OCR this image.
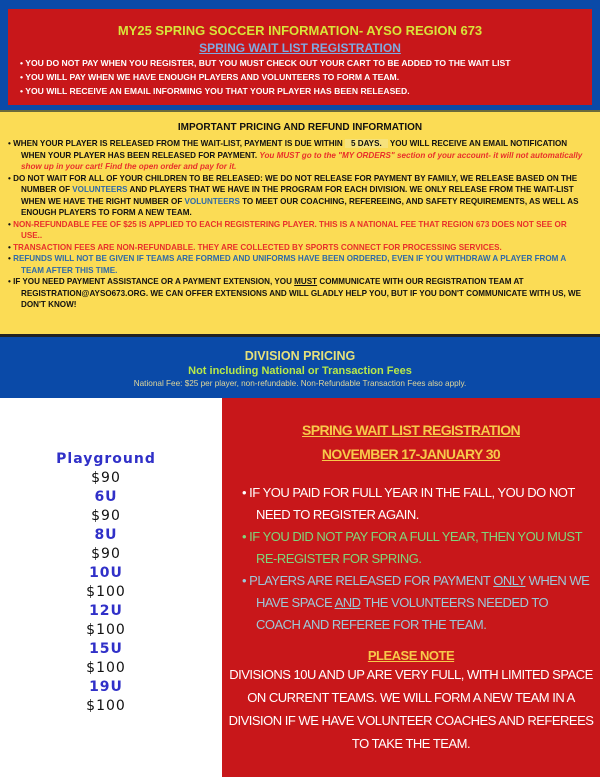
MY25 SPRING SOCCER INFORMATION- AYSO REGION 673
SPRING WAIT LIST REGISTRATION
• YOU DO NOT PAY WHEN YOU REGISTER, BUT YOU MUST CHECK OUT YOUR CART TO BE ADDED TO THE WAIT LIST
• YOU WILL PAY WHEN WE HAVE ENOUGH PLAYERS AND VOLUNTEERS TO FORM A TEAM.
• YOU WILL RECEIVE AN EMAIL INFORMING YOU THAT YOUR PLAYER HAS BEEN RELEASED.
IMPORTANT PRICING AND REFUND INFORMATION
• WHEN YOUR PLAYER IS RELEASED FROM THE WAIT-LIST, PAYMENT IS DUE WITHIN 5 DAYS. YOU WILL RECEIVE AN EMAIL NOTIFICATION WHEN YOUR PLAYER HAS BEEN RELEASED FOR PAYMENT. You MUST go to the "MY ORDERS" section of your account- it will not automatically show up in your cart! Find the open order and pay for it.
• DO NOT WAIT FOR ALL OF YOUR CHILDREN TO BE RELEASED: WE DO NOT RELEASE FOR PAYMENT BY FAMILY, WE RELEASE BASED ON THE NUMBER OF VOLUNTEERS AND PLAYERS THAT WE HAVE IN THE PROGRAM FOR EACH DIVISION. WE ONLY RELEASE FROM THE WAIT-LIST WHEN WE HAVE THE RIGHT NUMBER OF VOLUNTEERS TO MEET OUR COACHING, REFEREEING, AND SAFETY REQUIREMENTS, AS WELL AS ENOUGH PLAYERS TO FORM A NEW TEAM.
• NON-REFUNDABLE FEE OF $25 IS APPLIED TO EACH REGISTERING PLAYER. THIS IS A NATIONAL FEE THAT REGION 673 DOES NOT SEE OR USE..
• TRANSACTION FEES ARE NON-REFUNDABLE. THEY ARE COLLECTED BY SPORTS CONNECT FOR PROCESSING SERVICES.
• REFUNDS WILL NOT BE GIVEN IF TEAMS ARE FORMED AND UNIFORMS HAVE BEEN ORDERED, EVEN IF YOU WITHDRAW A PLAYER FROM A TEAM AFTER THIS TIME.
• IF YOU NEED PAYMENT ASSISTANCE OR A PAYMENT EXTENSION, YOU MUST COMMUNICATE WITH OUR REGISTRATION TEAM AT REGISTRATION@AYSO673.ORG. WE CAN OFFER EXTENSIONS AND WILL GLADLY HELP YOU, BUT IF YOU DON'T COMMUNICATE WITH US, WE DON'T KNOW!
DIVISION PRICING
Not including National or Transaction Fees
National Fee: $25 per player, non-refundable. Non-Refundable Transaction Fees also apply.
Playground
$90
6U
$90
8U
$90
10U
$100
12U
$100
15U
$100
19U
$100
SPRING WAIT LIST REGISTRATION
NOVEMBER 17-JANUARY 30
• IF YOU PAID FOR FULL YEAR IN THE FALL, YOU DO NOT NEED TO REGISTER AGAIN.
• IF YOU DID NOT PAY FOR A FULL YEAR, THEN YOU MUST RE-REGISTER FOR SPRING.
• PLAYERS ARE RELEASED FOR PAYMENT ONLY WHEN WE HAVE SPACE AND THE VOLUNTEERS NEEDED TO COACH AND REFEREE FOR THE TEAM.
PLEASE NOTE
DIVISIONS 10U AND UP ARE VERY FULL, WITH LIMITED SPACE ON CURRENT TEAMS. WE WILL FORM A NEW TEAM IN A DIVISION IF WE HAVE VOLUNTEER COACHES AND REFEREES TO TAKE THE TEAM.
